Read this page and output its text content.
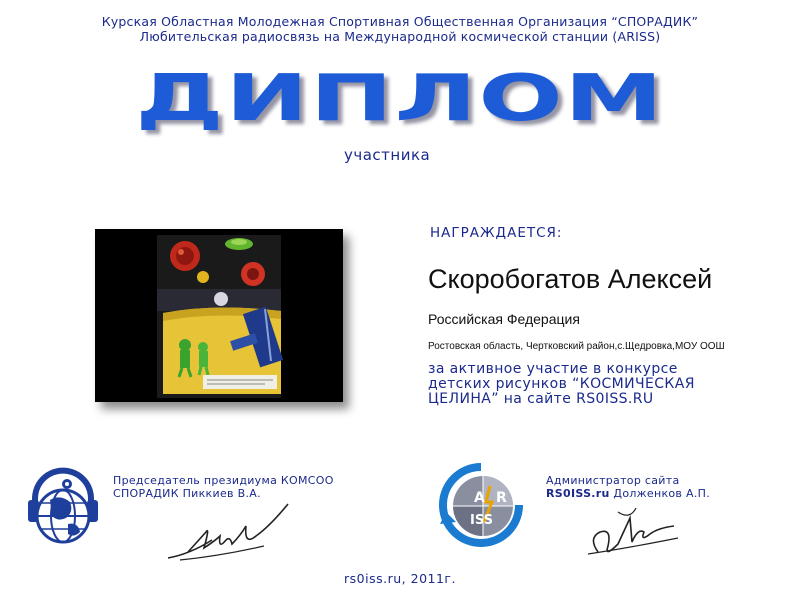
Курская Областная Молодежная Спортивная Общественная Организация “СПОРАДИК”
Любительская радиосвязь на Международной космической станции (ARISS)
ДИПЛОМ
участника
НАГРАЖДАЕТСЯ:
Скоробогатов Алексей
Российская Федерация
Ростовская область, Чертковский район,с.Щедровка,МОУ ООШ
за активное участие в конкурсе
детских рисунков “КОСМИЧЕСКАЯ
ЦЕЛИНА” на сайте RS0ISS.RU
Председатель президиума КОМСОО
СПОРАДИК Пиккиев В.А.	A R
ISS
Администратор сайта
RS0ISS.ru Долженков А.П.
rs0iss.ru, 2011г.
